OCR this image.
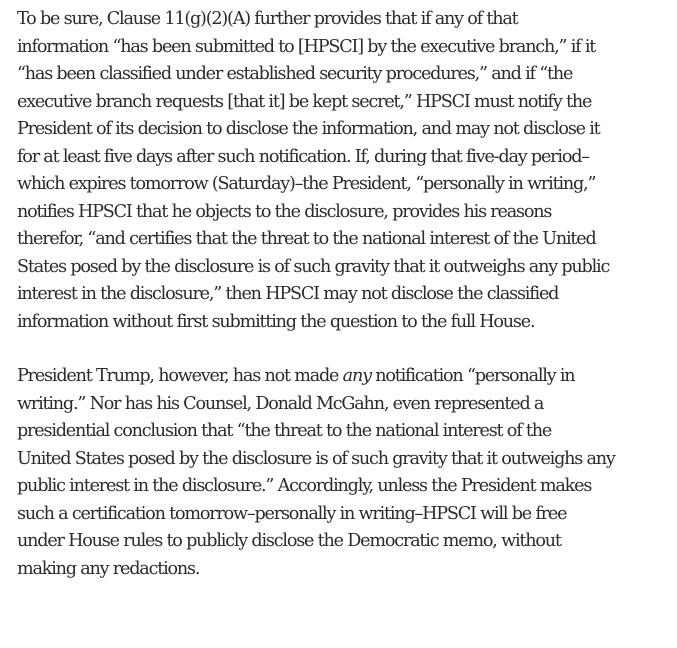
To be sure, Clause 11(g)(2)(A) further provides that if any of that
information “has been submitted to [HPSCI] by the executive branch,” if it
“has been classified under established security procedures,” and if “the
executive branch requests [that it] be kept secret,” HPSCI must notify the
President of its decision to disclose the information, and may not disclose it
for at least five days after such notification. If, during that five-day period–
which expires tomorrow (Saturday)–the President, “personally in writing,”
notifies HPSCI that he objects to the disclosure, provides his reasons
therefor, “and certifies that the threat to the national interest of the United
States posed by the disclosure is of such gravity that it outweighs any public
interest in the disclosure,” then HPSCI may not disclose the classified
information without first submitting the question to the full House.

President Trump, however, has not made any notification “personally in
writing.” Nor has his Counsel, Donald McGahn, even represented a
presidential conclusion that “the threat to the national interest of the
United States posed by the disclosure is of such gravity that it outweighs any
public interest in the disclosure.” Accordingly, unless the President makes
such a certification tomorrow–personally in writing–HPSCI will be free
under House rules to publicly disclose the Democratic memo, without
making any redactions.
